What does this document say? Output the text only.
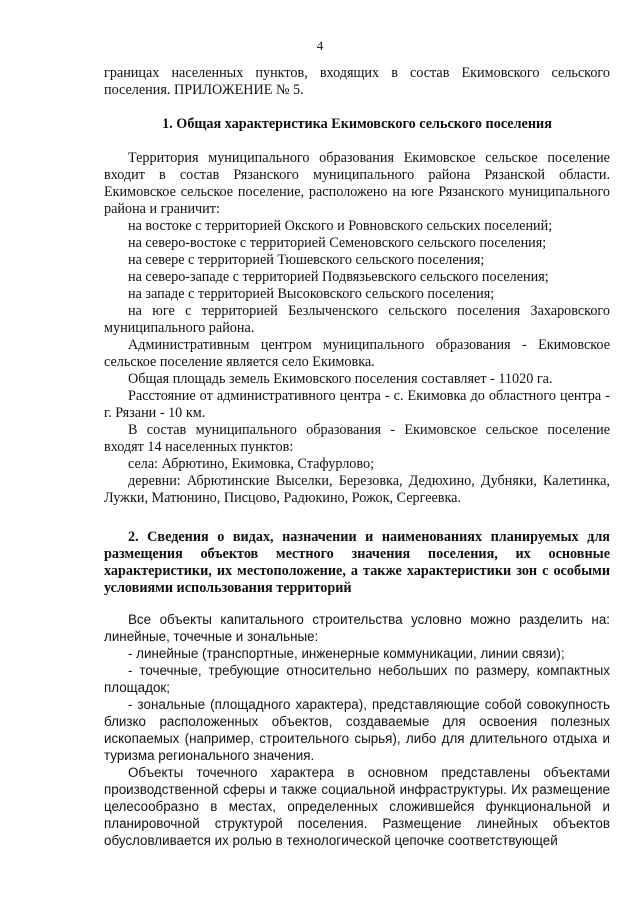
4

границах населенных пунктов, входящих в состав Екимовского сельского поселения. ПРИЛОЖЕНИЕ № 5.

1. Общая характеристика Екимовского сельского поселения

Территория муниципального образования Екимовское сельское поселение входит в состав Рязанского муниципального района Рязанской области. Екимовское сельское поселение, расположено на юге Рязанского муниципального района и граничит:

на востоке с территорией Окского и Ровновского сельских поселений;

на северо-востоке с территорией Семеновского сельского поселения;

на севере с территорией Тюшевского сельского поселения;

на северо-западе с территорией Подвязьевского сельского поселения;

на западе с территорией Высоковского сельского поселения;

на юге с территорией Безлыченского сельского поселения Захаровского муниципального района.

Административным центром муниципального образования - Екимовское сельское поселение является село Екимовка.

Общая площадь земель Екимовского поселения составляет - 11020 га.

Расстояние от административного центра - с. Екимовка до областного центра - г. Рязани - 10 км.

В состав муниципального образования - Екимовское сельское поселение входят 14 населенных пунктов:

села: Абрютино, Екимовка, Стафурлово;

деревни: Абрютинские Выселки, Березовка, Дедюхино, Дубняки, Калетинка, Лужки, Матюнино, Писцово, Радюкино, Рожок, Сергеевка.

2. Сведения о видах, назначении и наименованиях планируемых для размещения объектов местного значения поселения, их основные характеристики, их местоположение, а также характеристики зон с особыми условиями использования территорий

Все объекты капитального строительства условно можно разделить на: линейные, точечные и зональные:

- линейные (транспортные, инженерные коммуникации, линии связи);

- точечные, требующие относительно небольших по размеру, компактных площадок;

- зональные (площадного характера), представляющие собой совокупность близко расположенных объектов, создаваемые для освоения полезных ископаемых (например, строительного сырья), либо для длительного отдыха и туризма регионального значения.

Объекты точечного характера в основном представлены объектами производственной сферы и также социальной инфраструктуры. Их размещение целесообразно в местах, определенных сложившейся функциональной и планировочной структурой поселения. Размещение линейных объектов обусловливается их ролью в технологической цепочке соответствующей
